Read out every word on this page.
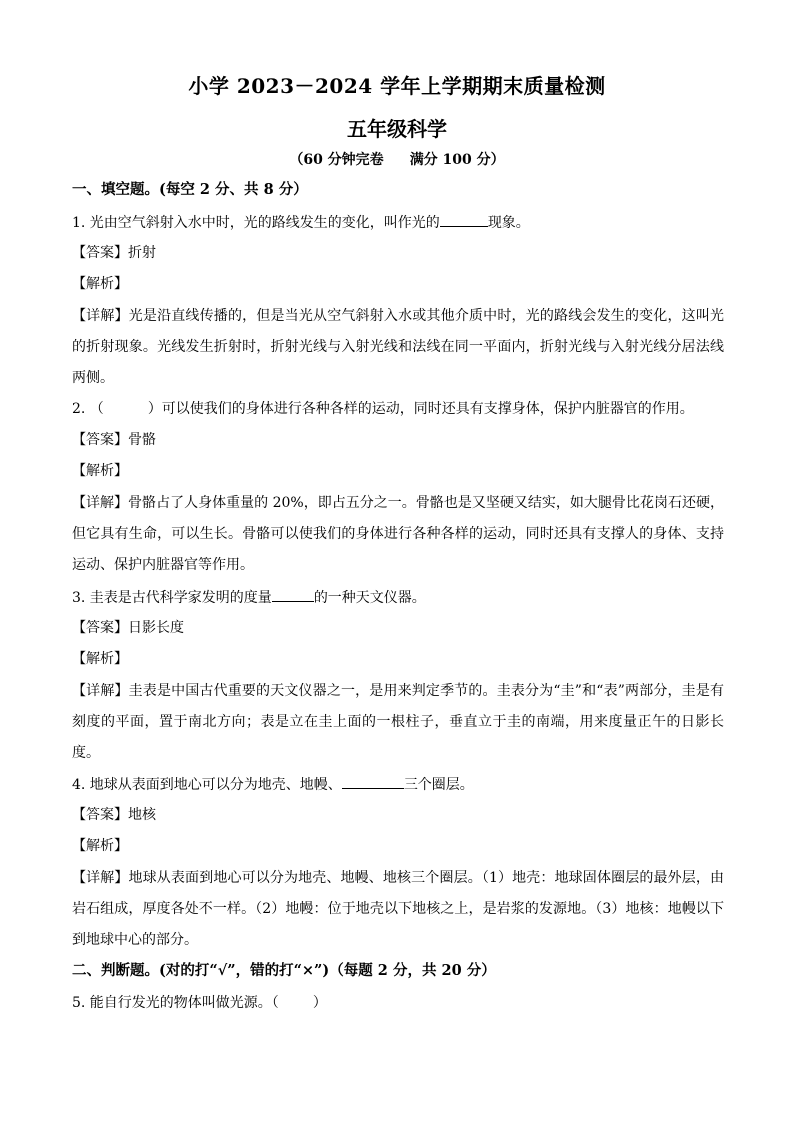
小学 2023－2024 学年上学期期末质量检测
五年级科学
（60 分钟完卷 满分 100 分）
一、填空题。(每空 2 分、共 8 分）
1. 光由空气斜射入水中时，光的路线发生的变化，叫作光的	现象。
【答案】折射
【解析】
【详解】光是沿直线传播的，但是当光从空气斜射入水或其他介质中时，光的路线会发生的变化，这叫光的折射现象。光线发生折射时，折射光线与入射光线和法线在同一平面内，折射光线与入射光线分居法线两侧。
2. （	）可以使我们的身体进行各种各样的运动，同时还具有支撑身体，保护内脏器官的作用。
【答案】骨骼
【解析】
【详解】骨骼占了人身体重量的 20%，即占五分之一。骨骼也是又坚硬又结实，如大腿骨比花岗石还硬，但它具有生命，可以生长。骨骼可以使我们的身体进行各种各样的运动，同时还具有支撑人的身体、支持运动、保护内脏器官等作用。
3. 圭表是古代科学家发明的度量	的一种天文仪器。
【答案】日影长度
【解析】
【详解】圭表是中国古代重要的天文仪器之一，是用来判定季节的。圭表分为“圭”和“表”两部分，圭是有刻度的平面，置于南北方向；表是立在圭上面的一根柱子，垂直立于圭的南端，用来度量正午的日影长度。
4. 地球从表面到地心可以分为地壳、地幔、	三个圈层。
【答案】地核
【解析】
【详解】地球从表面到地心可以分为地壳、地幔、地核三个圈层。（1）地壳：地球固体圈层的最外层，由岩石组成，厚度各处不一样。（2）地幔：位于地壳以下地核之上，是岩浆的发源地。（3）地核：地幔以下到地球中心的部分。
二、判断题。(对的打“√”，错的打“×”)（每题 2 分，共 20 分）
5. 能自行发光的物体叫做光源。（ ）
